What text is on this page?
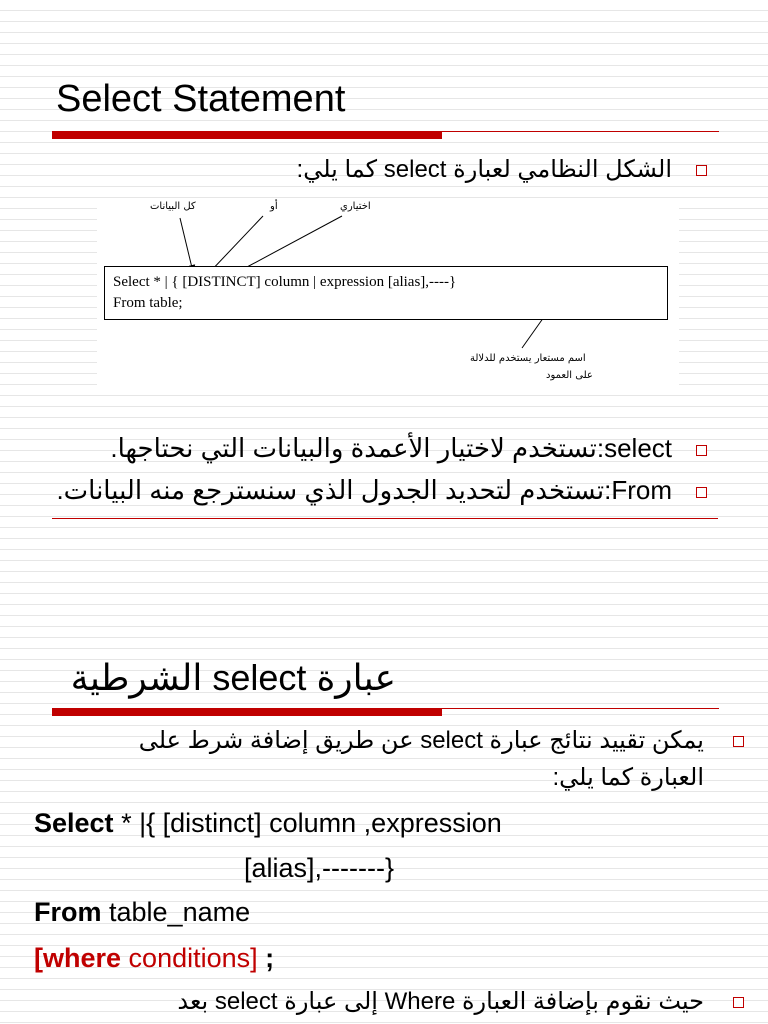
Select Statement
الشكل النظامي لعبارة select كما يلي:
كل البيانات	أو	اختياري
Select * | { [DISTINCT] column | expression [alias],----}
From table;
اسم مستعار يستخدم للدلالة
على العمود
select:تستخدم لاختيار الأعمدة والبيانات التي نحتاجها.
From:تستخدم لتحديد الجدول الذي سنسترجع منه البيانات.
عبارة select الشرطية
يمكن تقييد نتائج عبارة select عن طريق إضافة شرط على
العبارة كما يلي:
Select * |{ [distinct] column ,expression
[alias],-------}
From table_name
[where conditions] ;
حيث نقوم بإضافة العبارة Where إلى عبارة select بعد
